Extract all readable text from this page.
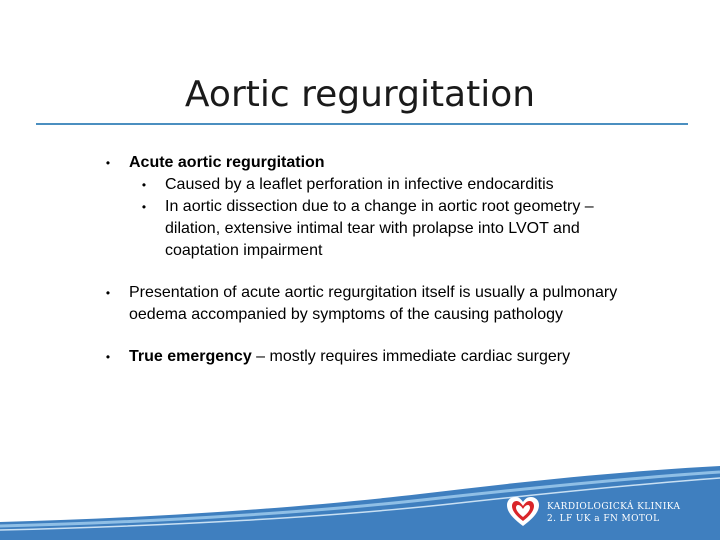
Aortic regurgitation
• Acute aortic regurgitation
• Caused by a leaflet perforation in infective endocarditis
• In aortic dissection due to a change in aortic root geometry – dilation, extensive intimal tear with prolapse into LVOT and coaptation impairment
• Presentation of acute aortic regurgitation itself is usually a pulmonary oedema accompanied by symptoms of the causing pathology
• True emergency – mostly requires immediate cardiac surgery
KARDIOLOGICKÁ KLINIKA
2. LF UK a FN MOTOL
